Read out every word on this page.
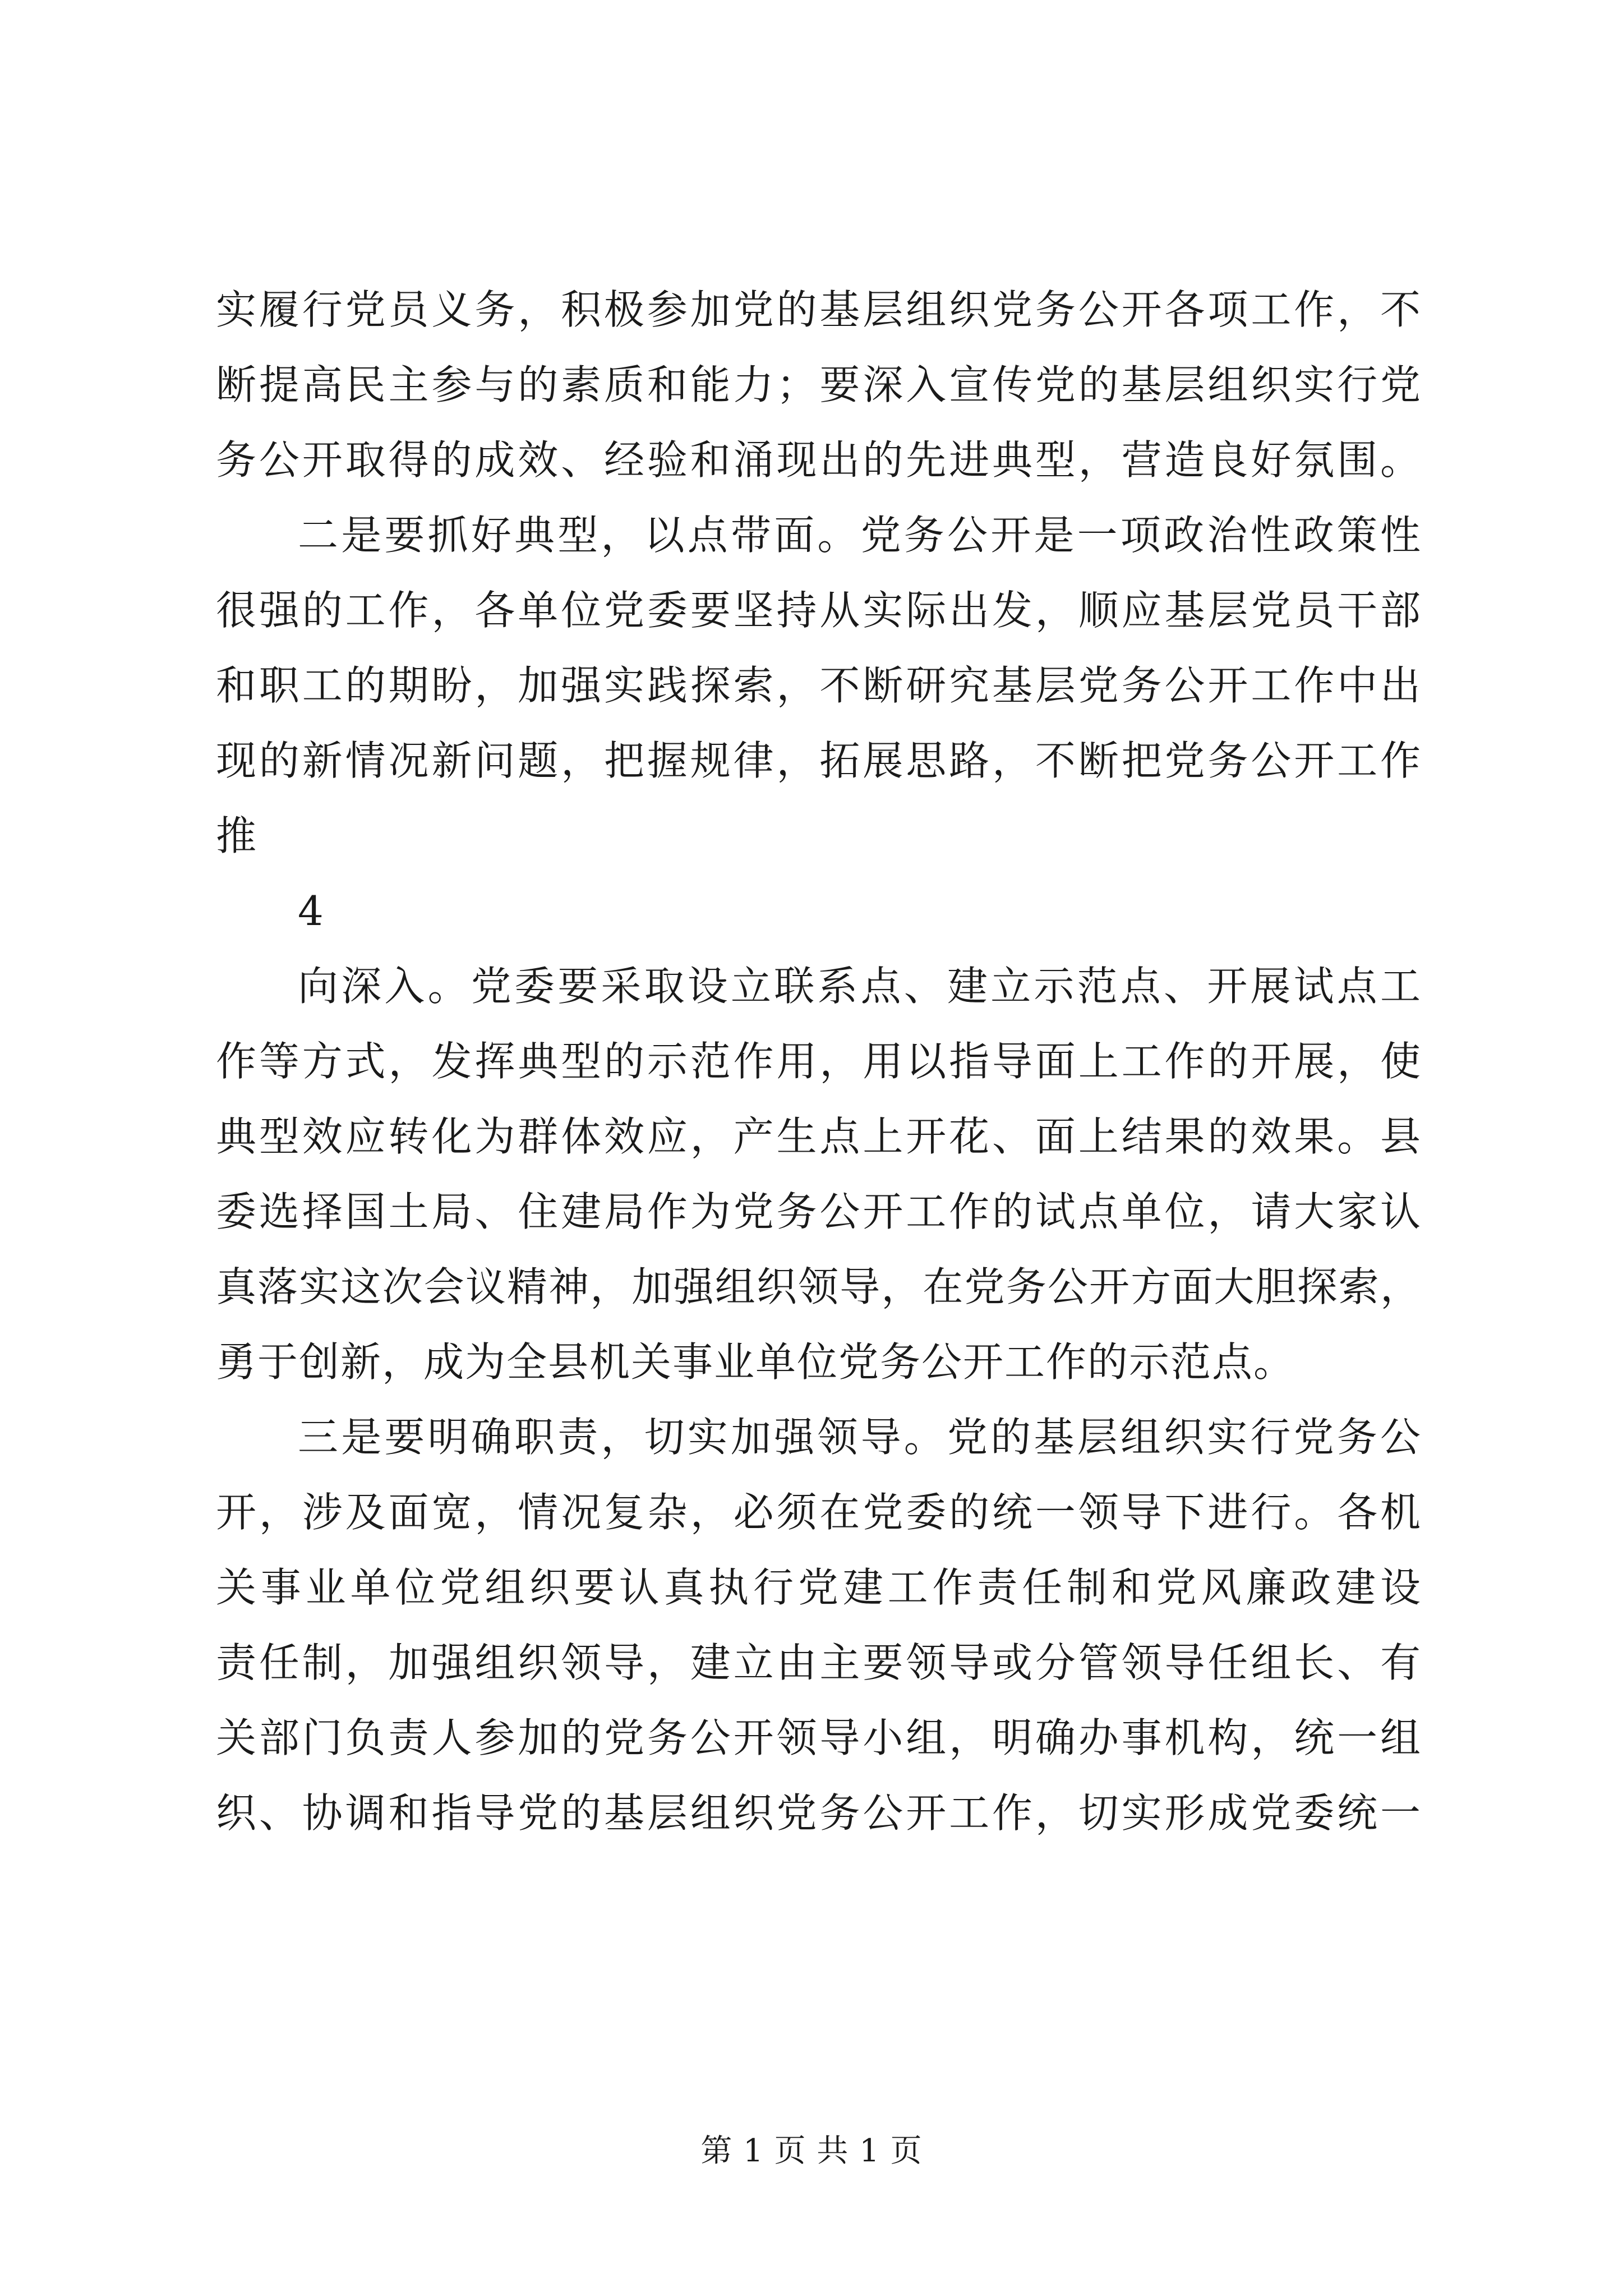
实履行党员义务，积极参加党的基层组织党务公开各项工作，不
断提高民主参与的素质和能力；要深入宣传党的基层组织实行党
务公开取得的成效、经验和涌现出的先进典型，营造良好氛围。
二是要抓好典型，以点带面。党务公开是一项政治性政策性
很强的工作，各单位党委要坚持从实际出发，顺应基层党员干部
和职工的期盼，加强实践探索，不断研究基层党务公开工作中出
现的新情况新问题，把握规律，拓展思路，不断把党务公开工作
推
4
向深入。党委要采取设立联系点、建立示范点、开展试点工
作等方式，发挥典型的示范作用，用以指导面上工作的开展，使
典型效应转化为群体效应，产生点上开花、面上结果的效果。县
委选择国土局、住建局作为党务公开工作的试点单位，请大家认
真落实这次会议精神，加强组织领导，在党务公开方面大胆探索，
勇于创新，成为全县机关事业单位党务公开工作的示范点。
三是要明确职责，切实加强领导。党的基层组织实行党务公
开，涉及面宽，情况复杂，必须在党委的统一领导下进行。各机
关事业单位党组织要认真执行党建工作责任制和党风廉政建设
责任制，加强组织领导，建立由主要领导或分管领导任组长、有
关部门负责人参加的党务公开领导小组，明确办事机构，统一组
织、协调和指导党的基层组织党务公开工作，切实形成党委统一
第 1 页 共 1 页
